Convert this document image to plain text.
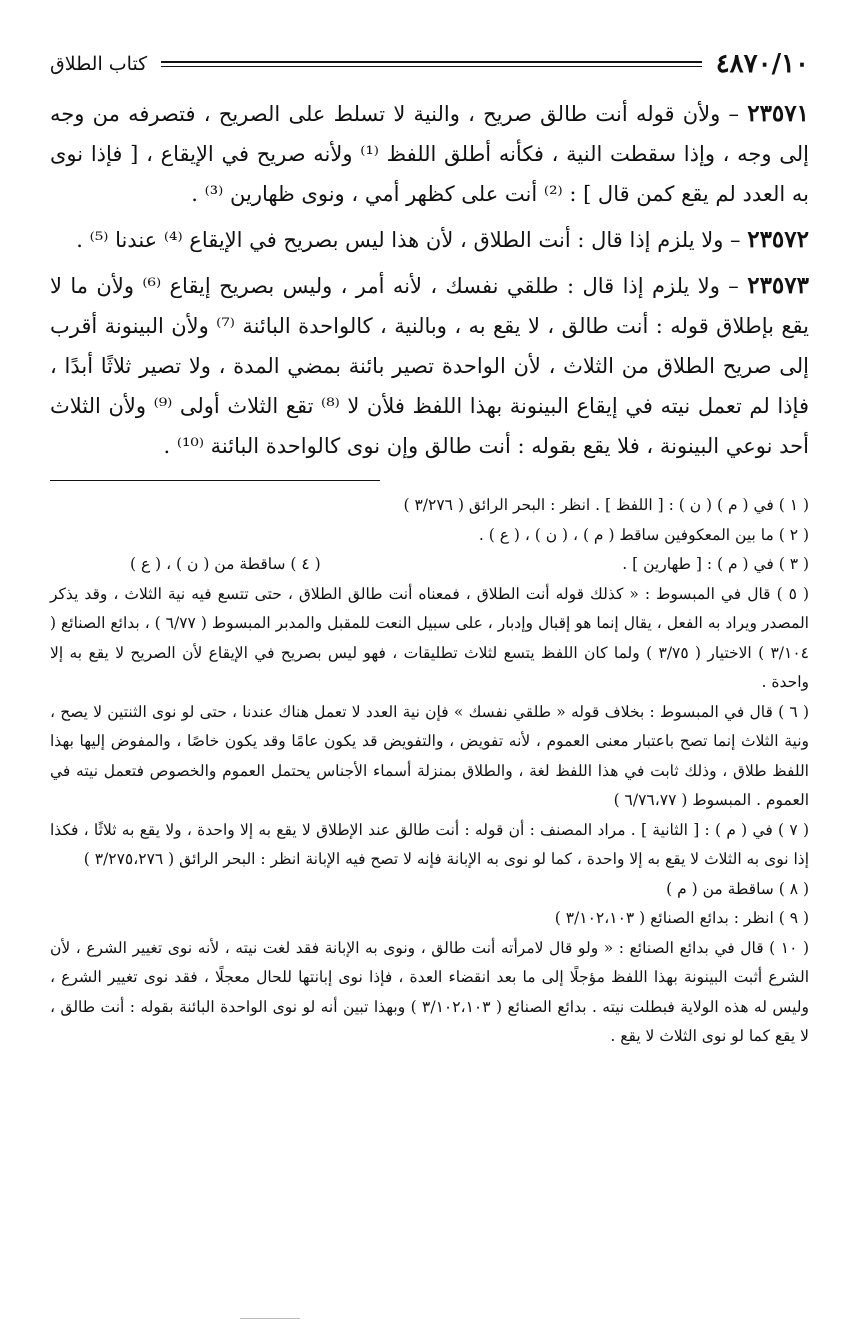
٤٨٧٠/١٠
كتاب الطلاق

٢٣٥٧١ – ولأن قوله أنت طالق صريح ، والنية لا تسلط على الصريح ، فتصرفه من وجه إلى وجه ، وإذا سقطت النية ، فكأنه أطلق اللفظ ⁽¹⁾ ولأنه صريح في الإيقاع ، [ فإذا نوى به العدد لم يقع كمن قال ] : ⁽²⁾ أنت على كظهر أمي ، ونوى ظهارين ⁽³⁾ .

٢٣٥٧٢ – ولا يلزم إذا قال : أنت الطلاق ، لأن هذا ليس بصريح في الإيقاع ⁽⁴⁾ عندنا ⁽⁵⁾ .

٢٣٥٧٣ – ولا يلزم إذا قال : طلقي نفسك ، لأنه أمر ، وليس بصريح إيقاع ⁽⁶⁾ ولأن ما لا يقع بإطلاق قوله : أنت طالق ، لا يقع به ، وبالنية ، كالواحدة البائنة ⁽⁷⁾ ولأن البينونة أقرب إلى صريح الطلاق من الثلاث ، لأن الواحدة تصير بائنة بمضي المدة ، ولا تصير ثلاثًا أبدًا ، فإذا لم تعمل نيته في إيقاع البينونة بهذا اللفظ فلأن لا ⁽⁸⁾ تقع الثلاث أولى ⁽⁹⁾ ولأن الثلاث أحد نوعي البينونة ، فلا يقع بقوله : أنت طالق وإن نوى كالواحدة البائنة ⁽¹⁰⁾ .

( ١ ) في ( م ) ( ن ) : [ اللفظ ] . انظر : البحر الرائق ( ٣/٢٧٦ )

( ٢ ) ما بين المعكوفين ساقط ( م ) ، ( ن ) ، ( ع ) .

( ٣ ) في ( م ) : [ طهارين ] .
( ٤ ) ساقطة من ( ن ) ، ( ع )

( ٥ ) قال في المبسوط : « كذلك قوله أنت الطلاق ، فمعناه أنت طالق الطلاق ، حتى تتسع فيه نية الثلاث ، وقد يذكر المصدر ويراد به الفعل ، يقال إنما هو إقبال وإدبار ، على سبيل النعت للمقبل والمدبر المبسوط ( ٦/٧٧ ) ، بدائع الصنائع ( ٣/١٠٤ ) الاختيار ( ٣/٧٥ ) ولما كان اللفظ يتسع لثلاث تطليقات ، فهو ليس بصريح في الإيقاع لأن الصريح لا يقع به إلا واحدة .

( ٦ ) قال في المبسوط : بخلاف قوله « طلقي نفسك » فإن نية العدد لا تعمل هناك عندنا ، حتى لو نوى الثنتين لا يصح ، ونية الثلاث إنما تصح باعتبار معنى العموم ، لأنه تفويض ، والتفويض قد يكون عامًا وقد يكون خاصًا ، والمفوض إليها بهذا اللفظ طلاق ، وذلك ثابت في هذا اللفظ لغة ، والطلاق بمنزلة أسماء الأجناس يحتمل العموم والخصوص فتعمل نيته في العموم . المبسوط ( ٦/٧٦،٧٧ )

( ٧ ) في ( م ) : [ الثانية ] . مراد المصنف : أن قوله : أنت طالق عند الإطلاق لا يقع به إلا واحدة ، ولا يقع به ثلاثًا ، فكذا إذا نوى به الثلاث لا يقع به إلا واحدة ، كما لو نوى به الإبانة فإنه لا تصح فيه الإبانة انظر : البحر الرائق ( ٣/٢٧٥،٢٧٦ )

( ٨ ) ساقطة من ( م )

( ٩ ) انظر : بدائع الصنائع ( ٣/١٠٢،١٠٣ )

( ١٠ ) قال في بدائع الصنائع : « ولو قال لامرأته أنت طالق ، ونوى به الإبانة فقد لغت نيته ، لأنه نوى تغيير الشرع ، لأن الشرع أثبت البينونة بهذا اللفظ مؤجلًا إلى ما بعد انقضاء العدة ، فإذا نوى إبانتها للحال معجلًا ، فقد نوى تغيير الشرع ، وليس له هذه الولاية فبطلت نيته . بدائع الصنائع ( ٣/١٠٢،١٠٣ ) وبهذا تبين أنه لو نوى الواحدة البائنة بقوله : أنت طالق ، لا يقع كما لو نوى الثلاث لا يقع .
